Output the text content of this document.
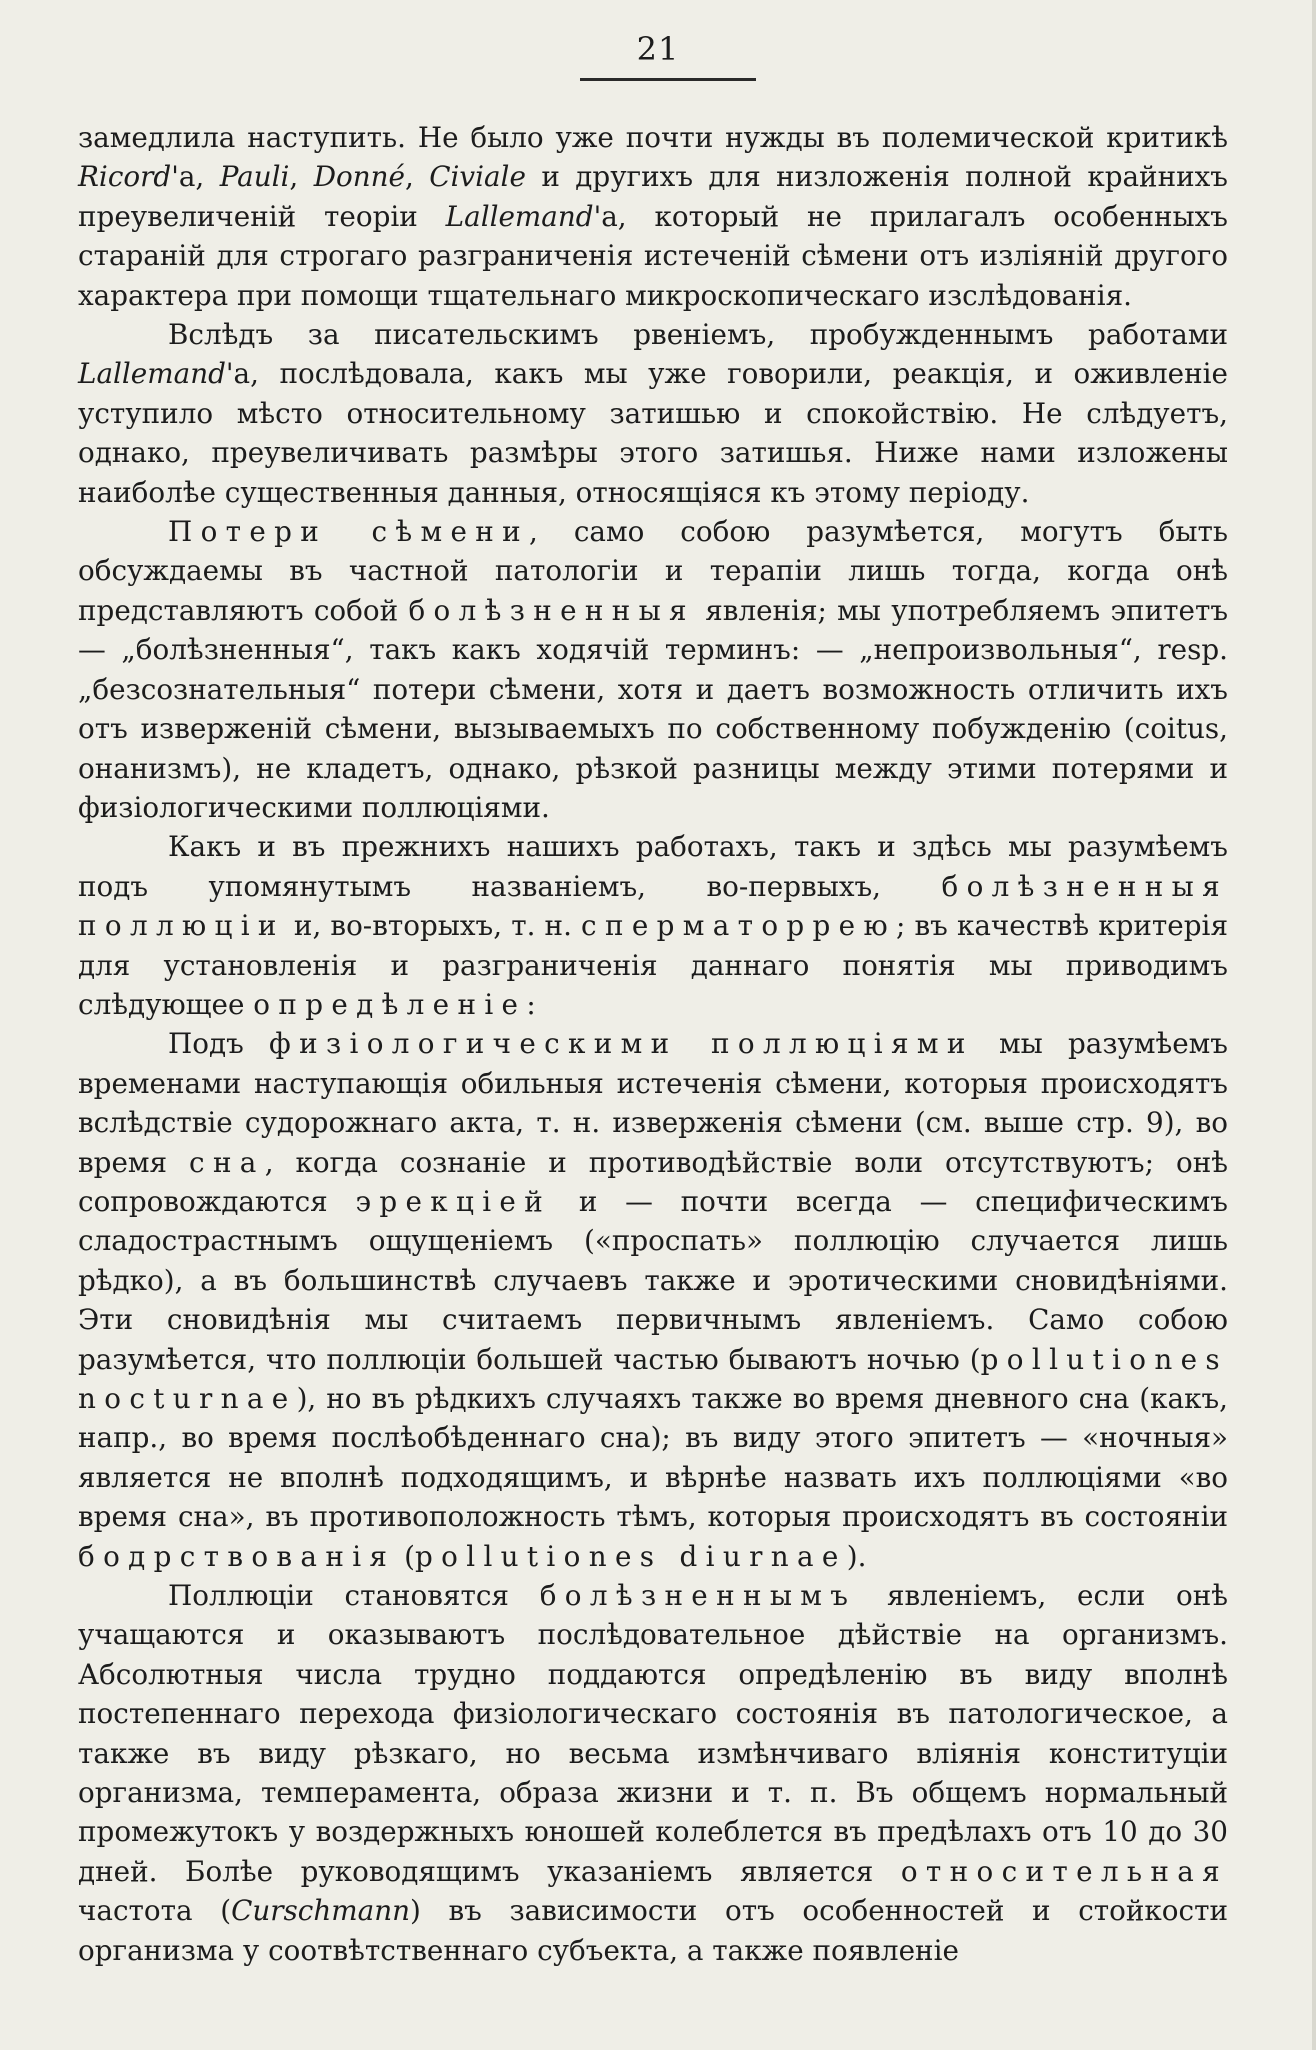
21

замедлила наступить. Не было уже почти нужды въ полемической критикѣ Ricord'а, Pauli, Donné, Civiale и другихъ для низложенія полной крайнихъ преувеличеній теоріи Lallemand'а, который не прилагалъ особенныхъ стараній для строгаго разграниченія истеченій сѣмени отъ излiяній другого характера при помощи тщательнаго микроскопическаго изслѣдованія.

Вслѣдъ за писательскимъ рвеніемъ, пробужденнымъ работами Lallemand'а, послѣдовала, какъ мы уже говорили, реакція, и оживленіе уступило мѣсто относительному затишью и спокойствію. Не слѣдуетъ, однако, преувеличивать размѣры этого затишья. Ниже нами изложены наиболѣе существенныя данныя, относящіяся къ этому періоду.

Потери сѣмени, само собою разумѣется, могутъ быть обсуждаемы въ частной патологіи и терапіи лишь тогда, когда онѣ представляютъ собой болѣзненныя явленія; мы употребляемъ эпитетъ — „болѣзненныя“, такъ какъ ходячій терминъ: — „непроизвольныя“, resp. „безсознательныя“ потери сѣмени, хотя и даетъ возможность отличить ихъ отъ изверженій сѣмени, вызываемыхъ по собственному побужденію (coitus, онанизмъ), не кладетъ, однако, рѣзкой разницы между этими потерями и физіологическими поллюціями.

Какъ и въ прежнихъ нашихъ работахъ, такъ и здѣсь мы разумѣемъ подъ упомянутымъ названіемъ, во-первыхъ, болѣзненныя поллюціи и, во-вторыхъ, т. н. сперматоррею; въ качествѣ критерія для установленія и разграниченія даннаго понятія мы приводимъ слѣдующее опредѣленіе:

Подъ физіологическими поллюціями мы разумѣемъ временами наступающія обильныя истеченія сѣмени, которыя происходятъ вслѣдствіе судорожнаго акта, т. н. изверженія сѣмени (см. выше стр. 9), во время сна, когда сознаніе и противодѣйствіе воли отсутствуютъ; онѣ сопровождаются эрекціей и — почти всегда — специфическимъ сладострастнымъ ощущеніемъ («проспать» поллюцію случается лишь рѣдко), а въ большинствѣ случаевъ также и эротическими сновидѣніями. Эти сновидѣнія мы считаемъ первичнымъ явленіемъ. Само собою разумѣется, что поллюціи большей частью бываютъ ночью (pollutiones nocturnae), но въ рѣдкихъ случаяхъ также во время дневного сна (какъ, напр., во время послѣобѣденнаго сна); въ виду этого эпитетъ — «ночныя» является не вполнѣ подходящимъ, и вѣрнѣе назвать ихъ поллюціями «во время сна», въ противоположность тѣмъ, которыя происходятъ въ состояніи бодрствованія (pollutiones diurnae).

Поллюціи становятся болѣзненнымъ явленіемъ, если онѣ учащаются и оказываютъ послѣдовательное дѣйствіе на организмъ. Абсолютныя числа трудно поддаются опредѣленію въ виду вполнѣ постепеннаго перехода физіологическаго состоянія въ патологическое, а также въ виду рѣзкаго, но весьма измѣнчиваго вліянія конституціи организма, темперамента, образа жизни и т. п. Въ общемъ нормальный промежутокъ у воздержныхъ юношей колеблется въ предѣлахъ отъ 10 до 30 дней. Болѣе руководящимъ указаніемъ является относительная частота (Curschmann) въ зависимости отъ особенностей и стойкости организма у соотвѣтственнаго субъекта, а также появленіе
